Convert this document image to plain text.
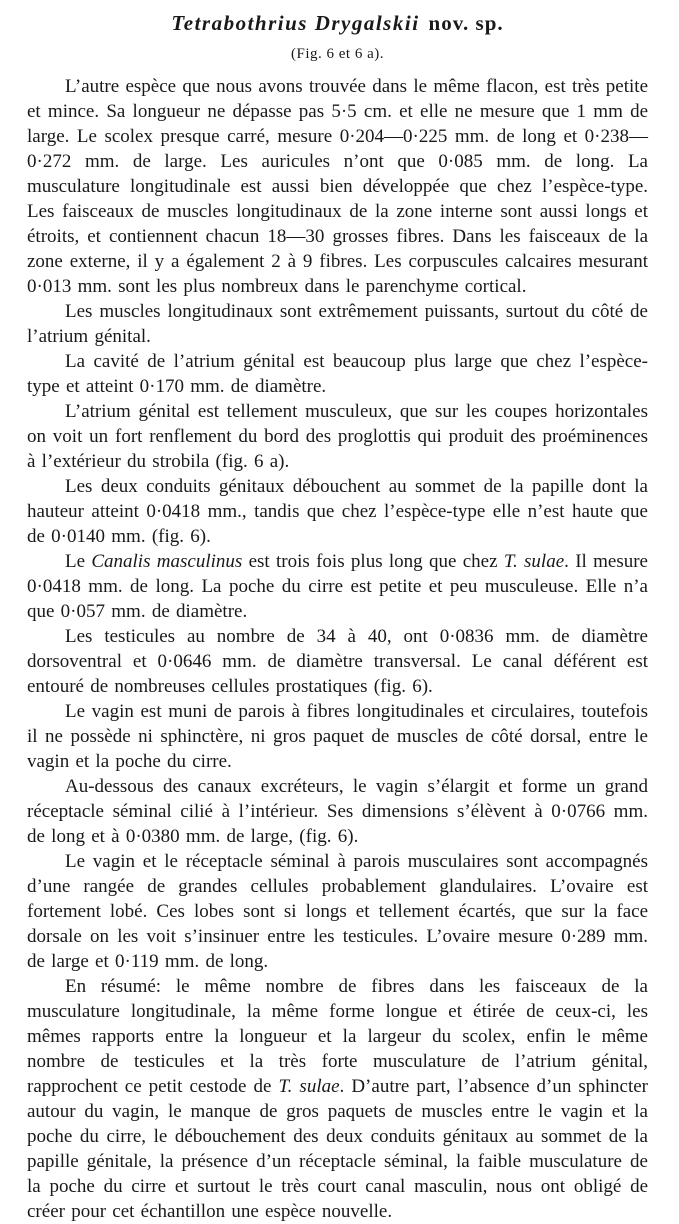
Tetrabothrius Drygalskii nov. sp.
(Fig. 6 et 6 a).

L’autre espèce que nous avons trouvée dans le même flacon, est très petite et mince. Sa longueur ne dépasse pas 5·5 cm. et elle ne mesure que 1 mm de large. Le scolex presque carré, mesure 0·204—0·225 mm. de long et 0·238—0·272 mm. de large. Les auricules n’ont que 0·085 mm. de long. La musculature longitudinale est aussi bien développée que chez l’espèce-type. Les faisceaux de muscles longitudinaux de la zone interne sont aussi longs et étroits, et contiennent chacun 18—30 grosses fibres. Dans les faisceaux de la zone externe, il y a également 2 à 9 fibres. Les corpuscules calcaires mesurant 0·013 mm. sont les plus nombreux dans le parenchyme cortical.

Les muscles longitudinaux sont extrêmement puissants, surtout du côté de l’atrium génital.

La cavité de l’atrium génital est beaucoup plus large que chez l’espèce-type et atteint 0·170 mm. de diamètre.

L’atrium génital est tellement musculeux, que sur les coupes horizontales on voit un fort renflement du bord des proglottis qui produit des proéminences à l’extérieur du strobila (fig. 6 a).

Les deux conduits génitaux débouchent au sommet de la papille dont la hauteur atteint 0·0418 mm., tandis que chez l’espèce-type elle n’est haute que de 0·0140 mm. (fig. 6).

Le Canalis masculinus est trois fois plus long que chez T. sulae. Il mesure 0·0418 mm. de long. La poche du cirre est petite et peu musculeuse. Elle n’a que 0·057 mm. de diamètre.

Les testicules au nombre de 34 à 40, ont 0·0836 mm. de diamètre dorsoventral et 0·0646 mm. de diamètre transversal. Le canal déférent est entouré de nombreuses cellules prostatiques (fig. 6).

Le vagin est muni de parois à fibres longitudinales et circulaires, toutefois il ne possède ni sphinctère, ni gros paquet de muscles de côté dorsal, entre le vagin et la poche du cirre.

Au-dessous des canaux excréteurs, le vagin s’élargit et forme un grand réceptacle séminal cilié à l’intérieur. Ses dimensions s’élèvent à 0·0766 mm. de long et à 0·0380 mm. de large, (fig. 6).

Le vagin et le réceptacle séminal à parois musculaires sont accompagnés d’une rangée de grandes cellules probablement glandulaires. L’ovaire est fortement lobé. Ces lobes sont si longs et tellement écartés, que sur la face dorsale on les voit s’insinuer entre les testicules. L’ovaire mesure 0·289 mm. de large et 0·119 mm. de long.

En résumé: le même nombre de fibres dans les faisceaux de la musculature longitudinale, la même forme longue et étirée de ceux-ci, les mêmes rapports entre la longueur et la largeur du scolex, enfin le même nombre de testicules et la très forte musculature de l’atrium génital, rapprochent ce petit cestode de T. sulae. D’autre part, l’absence d’un sphincter autour du vagin, le manque de gros paquets de muscles entre le vagin et la poche du cirre, le débouchement des deux conduits génitaux au sommet de la papille génitale, la présence d’un réceptacle séminal, la faible musculature de la poche du cirre et surtout le très court canal masculin, nous ont obligé de créer pour cet échantillon une espèce nouvelle.
